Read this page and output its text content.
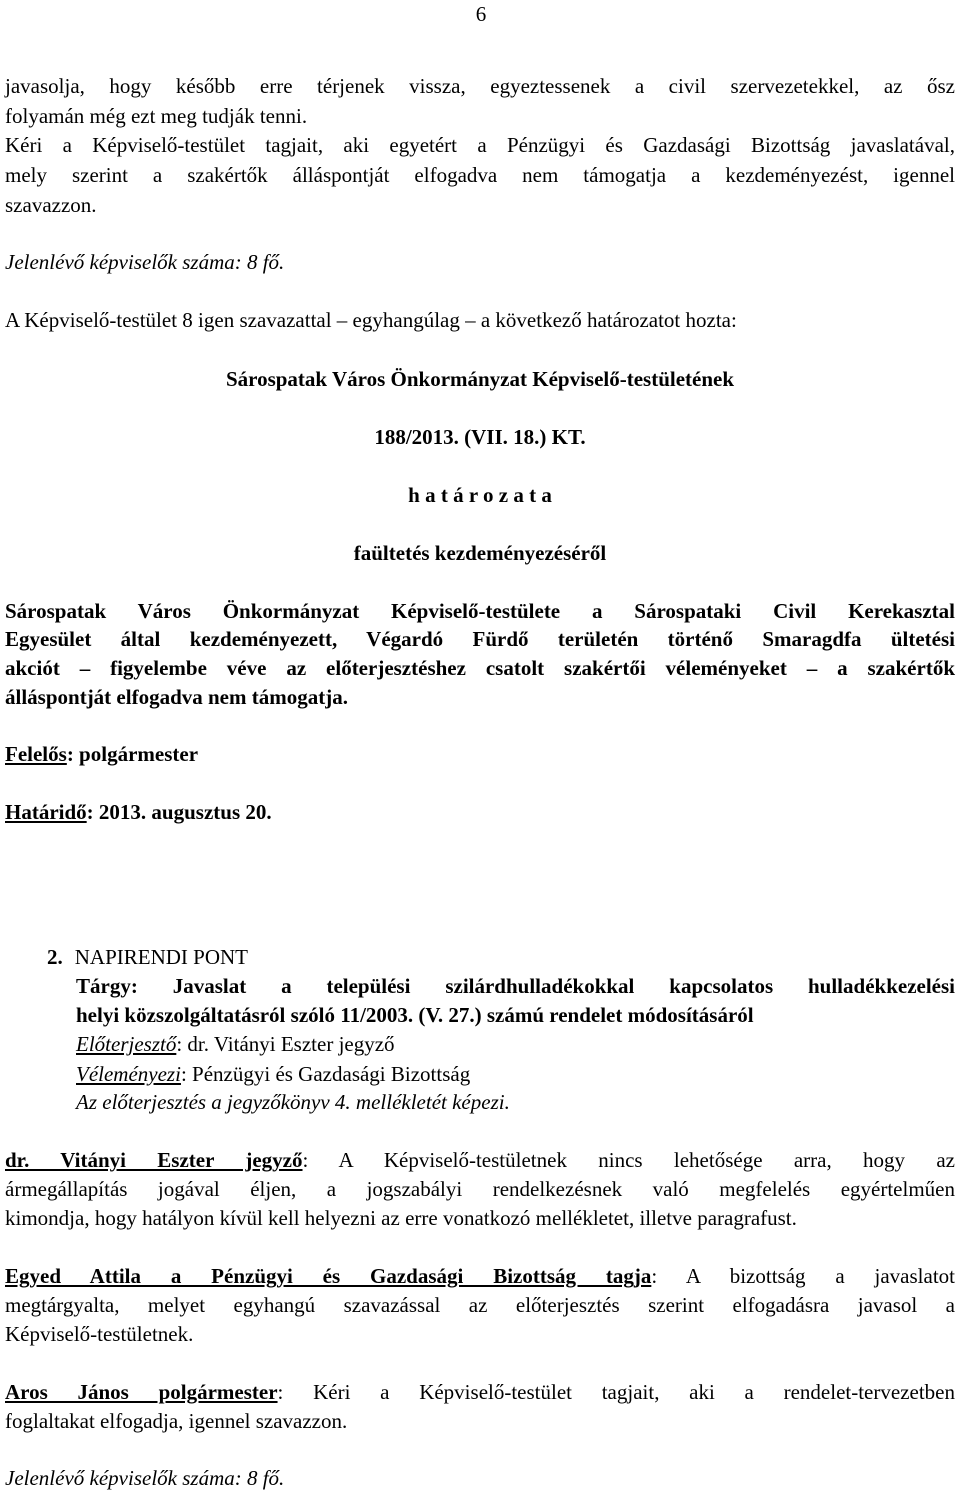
6
javasolja, hogy később erre térjenek vissza, egyeztessenek a civil szervezetekkel, az ősz
folyamán még ezt meg tudják tenni.
Kéri a Képviselő-testület tagjait, aki egyetért a Pénzügyi és Gazdasági Bizottság javaslatával,
mely szerint a szakértők álláspontját elfogadva nem támogatja a kezdeményezést, igennel
szavazzon.
Jelenlévő képviselők száma: 8 fő.
A Képviselő-testület 8 igen szavazattal – egyhangúlag – a következő határozatot hozta:
Sárospatak Város Önkormányzat Képviselő-testületének
188/2013. (VII. 18.) KT.
h a t á r o z a t a
faültetés kezdeményezéséről
Sárospatak Város Önkormányzat Képviselő-testülete a Sárospataki Civil Kerekasztal
Egyesület által kezdeményezett, Végardó Fürdő területén történő Smaragdfa ültetési
akciót – figyelembe véve az előterjesztéshez csatolt szakértői véleményeket – a szakértők
álláspontját elfogadva nem támogatja.
Felelős: polgármester
Határidő: 2013. augusztus 20.
2. NAPIRENDI PONT
Tárgy: Javaslat a települési szilárdhulladékokkal kapcsolatos hulladékkezelési
helyi közszolgáltatásról szóló 11/2003. (V. 27.) számú rendelet módosításáról
Előterjesztő: dr. Vitányi Eszter jegyző
Véleményezi: Pénzügyi és Gazdasági Bizottság
Az előterjesztés a jegyzőkönyv 4. mellékletét képezi.
dr. Vitányi Eszter jegyző: A Képviselő-testületnek nincs lehetősége arra, hogy az
ármegállapítás jogával éljen, a jogszabályi rendelkezésnek való megfelelés egyértelműen
kimondja, hogy hatályon kívül kell helyezni az erre vonatkozó mellékletet, illetve paragrafust.
Egyed Attila a Pénzügyi és Gazdasági Bizottság tagja: A bizottság a javaslatot
megtárgyalta, melyet egyhangú szavazással az előterjesztés szerint elfogadásra javasol a
Képviselő-testületnek.
Aros János polgármester: Kéri a Képviselő-testület tagjait, aki a rendelet-tervezetben
foglaltakat elfogadja, igennel szavazzon.
Jelenlévő képviselők száma: 8 fő.
